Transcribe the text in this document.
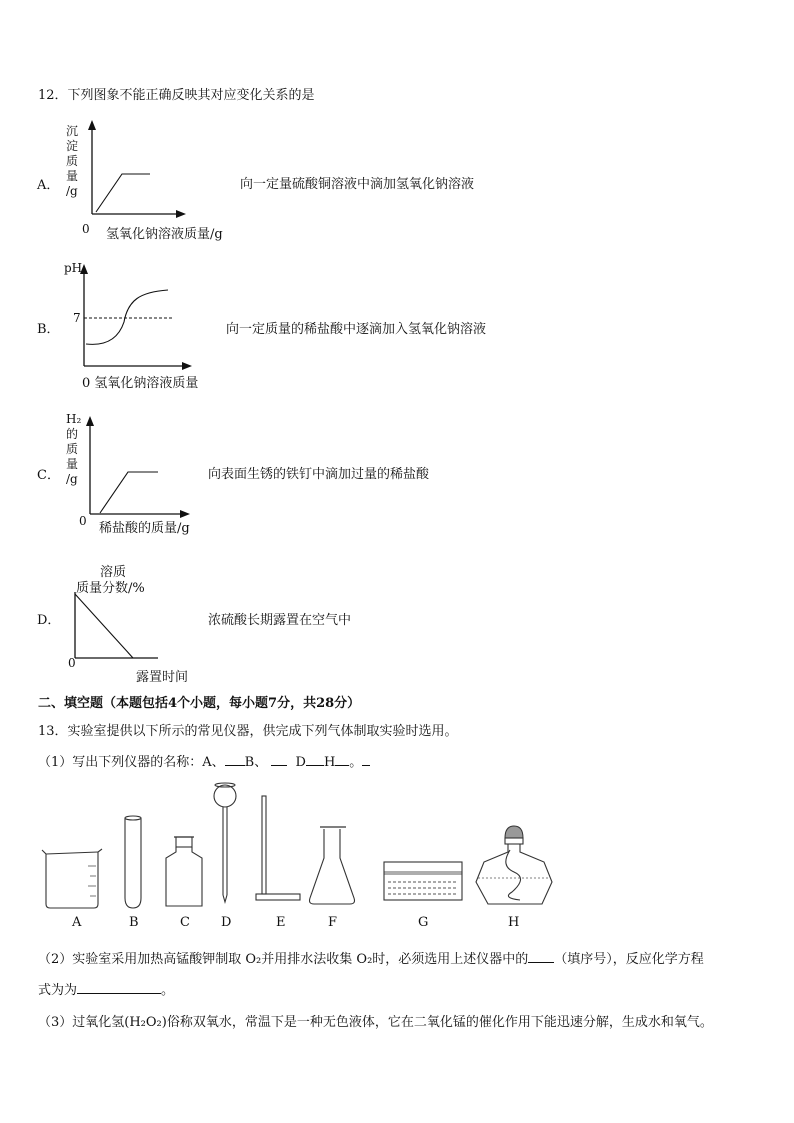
12．下列图象不能正确反映其对应变化关系的是
A．
沉
淀
质
量
/g
0 氢氧化钠溶液质量/g
向一定量硫酸铜溶液中滴加氢氧化钠溶液
B．
pH
7
0 氢氧化钠溶液质量
向一定质量的稀盐酸中逐滴加入氢氧化钠溶液
C．
H₂
的
质
量
/g
0 稀盐酸的质量/g
向表面生锈的铁钉中滴加过量的稀盐酸
D．
溶质
质量分数/%
0
露置时间
浓硫酸长期露置在空气中
二、填空题（本题包括4个小题，每小题7分，共28分）
13．实验室提供以下所示的常见仪器，供完成下列气体制取实验时选用。
（1）写出下列仪器的名称：A、 B、 D H 。
A	B	C D	E	F	G	H
（2）实验室采用加热高锰酸钾制取 O₂并用排水法收集 O₂时，必须选用上述仪器中的 （填序号），反应化学方程
式为为	。
（3）过氧化氢(H₂O₂)俗称双氧水，常温下是一种无色液体，它在二氧化锰的催化作用下能迅速分解，生成水和氧气。
